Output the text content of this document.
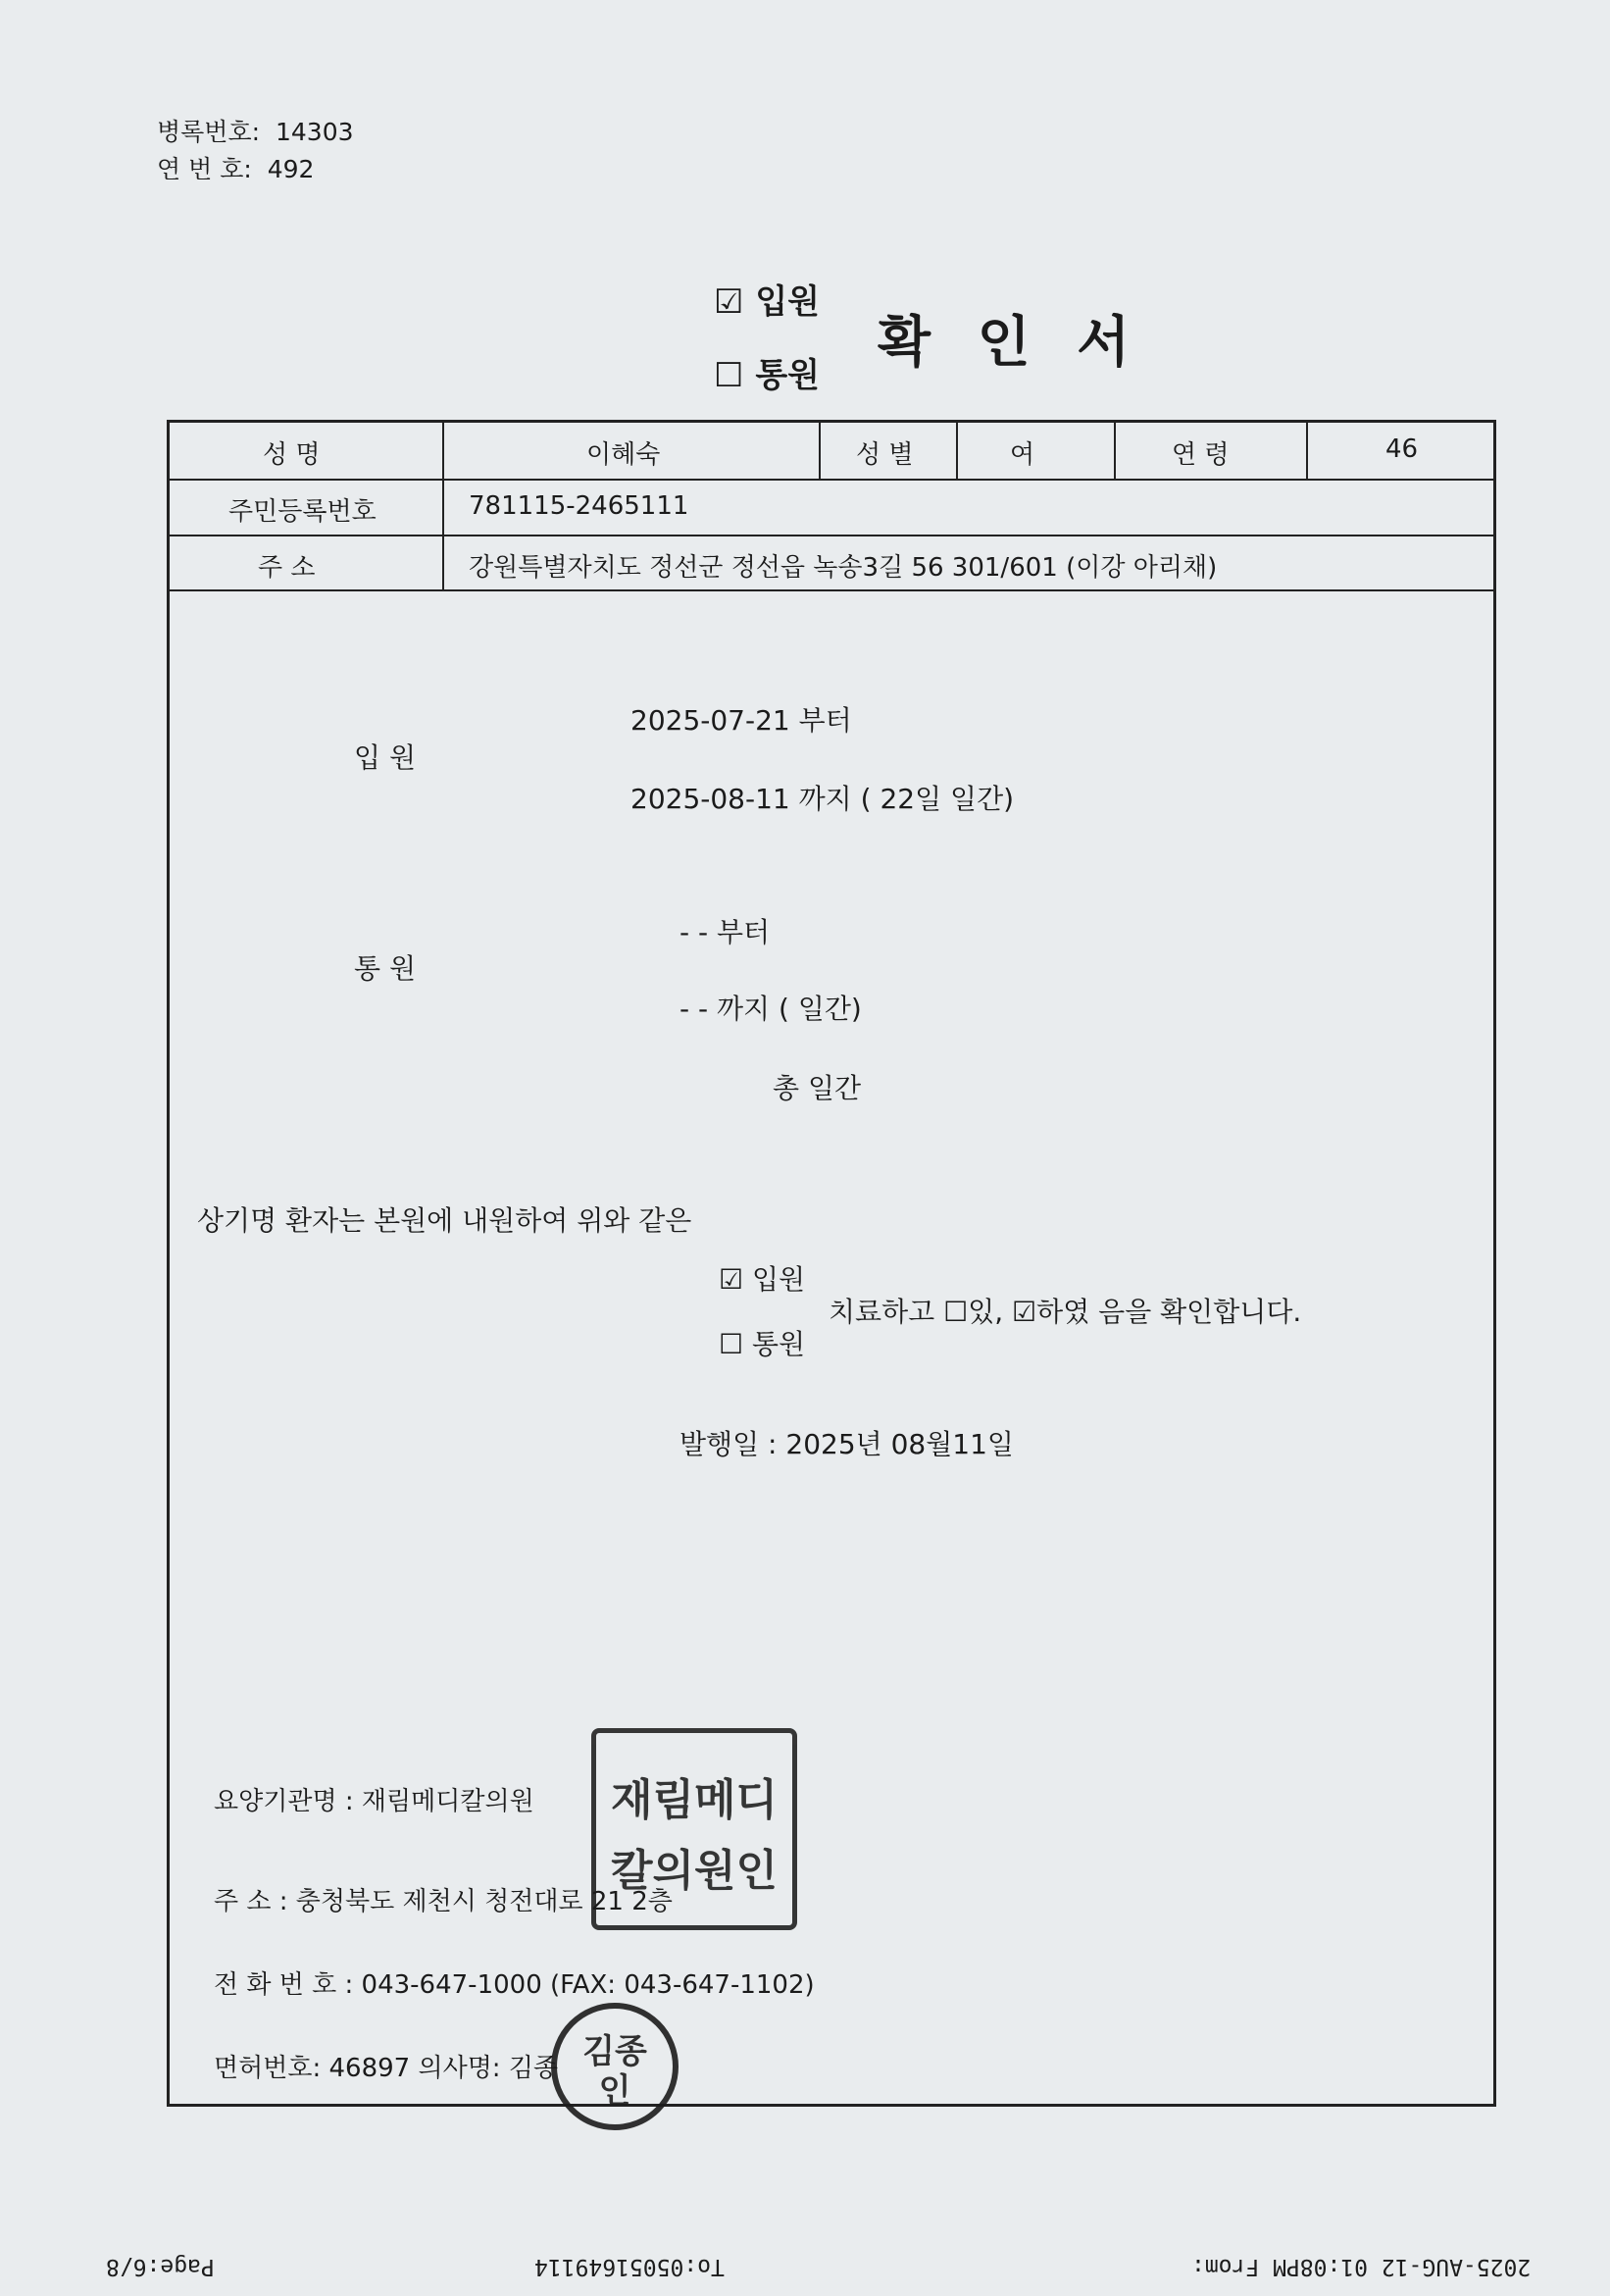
병록번호: 14303
연 번 호: 492
☑ 입원
☐ 통원
확 인 서
성 명	이혜숙	성 별	여	연 령	46
주민등록번호	781115-2465111
주 소	강원특별자치도 정선군 정선읍 녹송3길 56 301/601 (이강 아리채)
입 원
2025-07-21 부터
2025-08-11 까지 ( 22일 일간)
통 원
- - 부터
- - 까지 ( 일간)
총 일간
상기명 환자는 본원에 내원하여 위와 같은
☑ 입원
☐ 통원
치료하고 ☐있, ☑하였 음을 확인합니다.
발행일 : 2025년 08월11일
요양기관명 : 재림메디칼의원
주 소 : 충청북도 제천시 청전대로 21 2층
전 화 번 호 : 043-647-1000 (FAX: 043-647-1102)
면허번호: 46897 의사명: 김종
재림메디
칼의원인
김종
인
Page:6/8	To:05051649114	2025-AUG-12 01:08PM From:
